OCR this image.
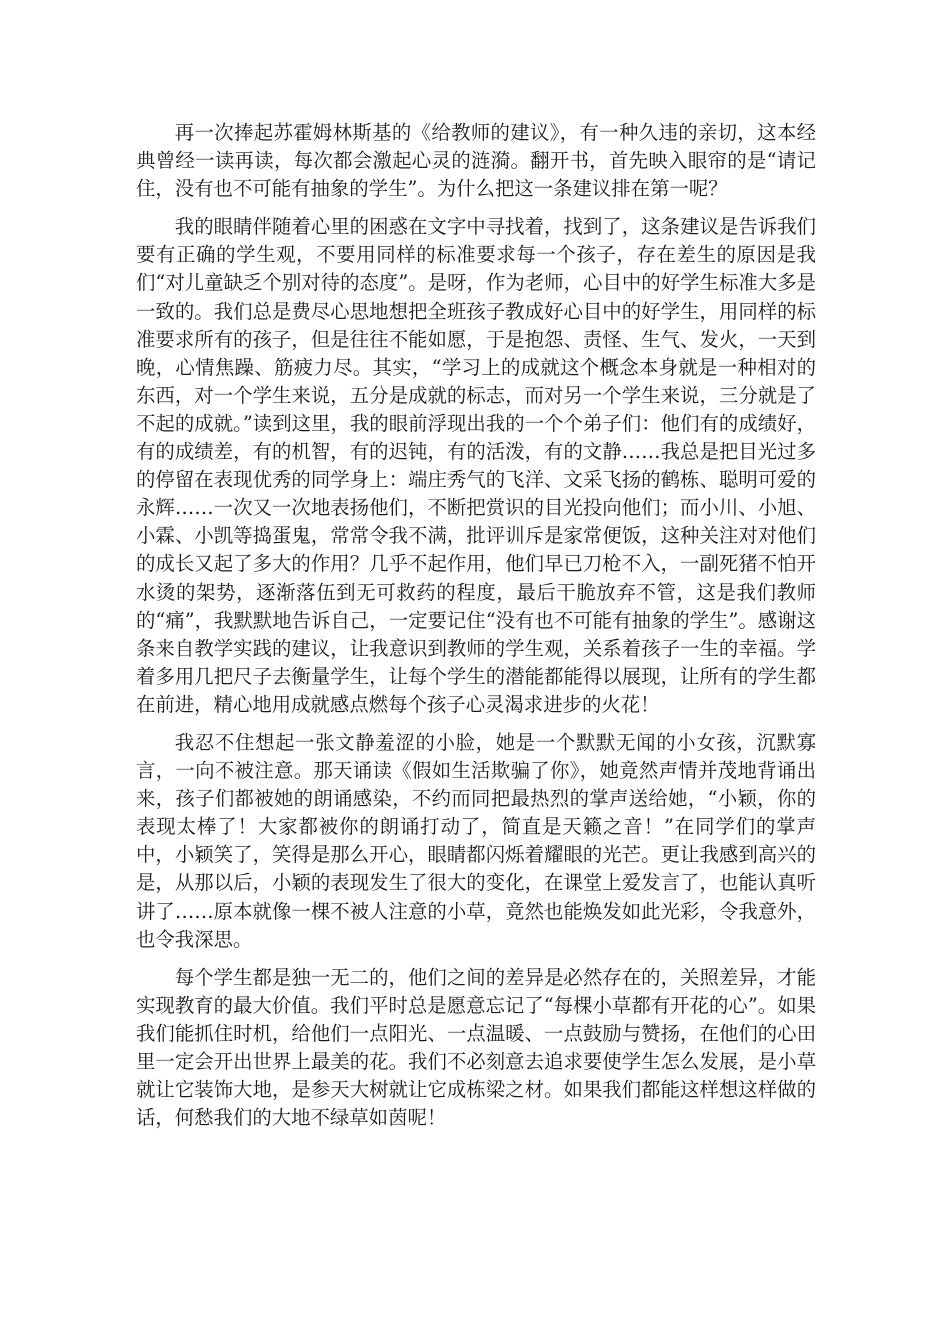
再一次捧起苏霍姆林斯基的《给教师的建议》，有一种久违的亲切，这本经典曾经一读再读，每次都会激起心灵的涟漪。翻开书，首先映入眼帘的是“请记住，没有也不可能有抽象的学生”。为什么把这一条建议排在第一呢？

我的眼睛伴随着心里的困惑在文字中寻找着，找到了，这条建议是告诉我们要有正确的学生观，不要用同样的标准要求每一个孩子，存在差生的原因是我们“对儿童缺乏个别对待的态度”。是呀，作为老师，心目中的好学生标准大多是一致的。我们总是费尽心思地想把全班孩子教成好心目中的好学生，用同样的标准要求所有的孩子，但是往往不能如愿，于是抱怨、责怪、生气、发火，一天到晚，心情焦躁、筋疲力尽。其实，“学习上的成就这个概念本身就是一种相对的东西，对一个学生来说，五分是成就的标志，而对另一个学生来说，三分就是了不起的成就。”读到这里，我的眼前浮现出我的一个个弟子们：他们有的成绩好，有的成绩差，有的机智，有的迟钝，有的活泼，有的文静……我总是把目光过多的停留在表现优秀的同学身上：端庄秀气的飞洋、文采飞扬的鹤栋、聪明可爱的永辉……一次又一次地表扬他们，不断把赏识的目光投向他们；而小川、小旭、小霖、小凯等捣蛋鬼，常常令我不满，批评训斥是家常便饭，这种关注对对他们的成长又起了多大的作用？几乎不起作用，他们早已刀枪不入，一副死猪不怕开水烫的架势，逐渐落伍到无可救药的程度，最后干脆放弃不管，这是我们教师的“痛”，我默默地告诉自己，一定要记住“没有也不可能有抽象的学生”。感谢这条来自教学实践的建议，让我意识到教师的学生观，关系着孩子一生的幸福。学着多用几把尺子去衡量学生，让每个学生的潜能都能得以展现，让所有的学生都在前进，精心地用成就感点燃每个孩子心灵渴求进步的火花！

我忍不住想起一张文静羞涩的小脸，她是一个默默无闻的小女孩，沉默寡言，一向不被注意。那天诵读《假如生活欺骗了你》，她竟然声情并茂地背诵出来，孩子们都被她的朗诵感染，不约而同把最热烈的掌声送给她，“小颖，你的表现太棒了！大家都被你的朗诵打动了，简直是天籁之音！”在同学们的掌声中，小颖笑了，笑得是那么开心，眼睛都闪烁着耀眼的光芒。更让我感到高兴的是，从那以后，小颖的表现发生了很大的变化，在课堂上爱发言了，也能认真听讲了……原本就像一棵不被人注意的小草，竟然也能焕发如此光彩，令我意外，也令我深思。

每个学生都是独一无二的，他们之间的差异是必然存在的，关照差异，才能实现教育的最大价值。我们平时总是愿意忘记了“每棵小草都有开花的心”。如果我们能抓住时机，给他们一点阳光、一点温暖、一点鼓励与赞扬，在他们的心田里一定会开出世界上最美的花。我们不必刻意去追求要使学生怎么发展，是小草就让它装饰大地，是参天大树就让它成栋梁之材。如果我们都能这样想这样做的话，何愁我们的大地不绿草如茵呢！
